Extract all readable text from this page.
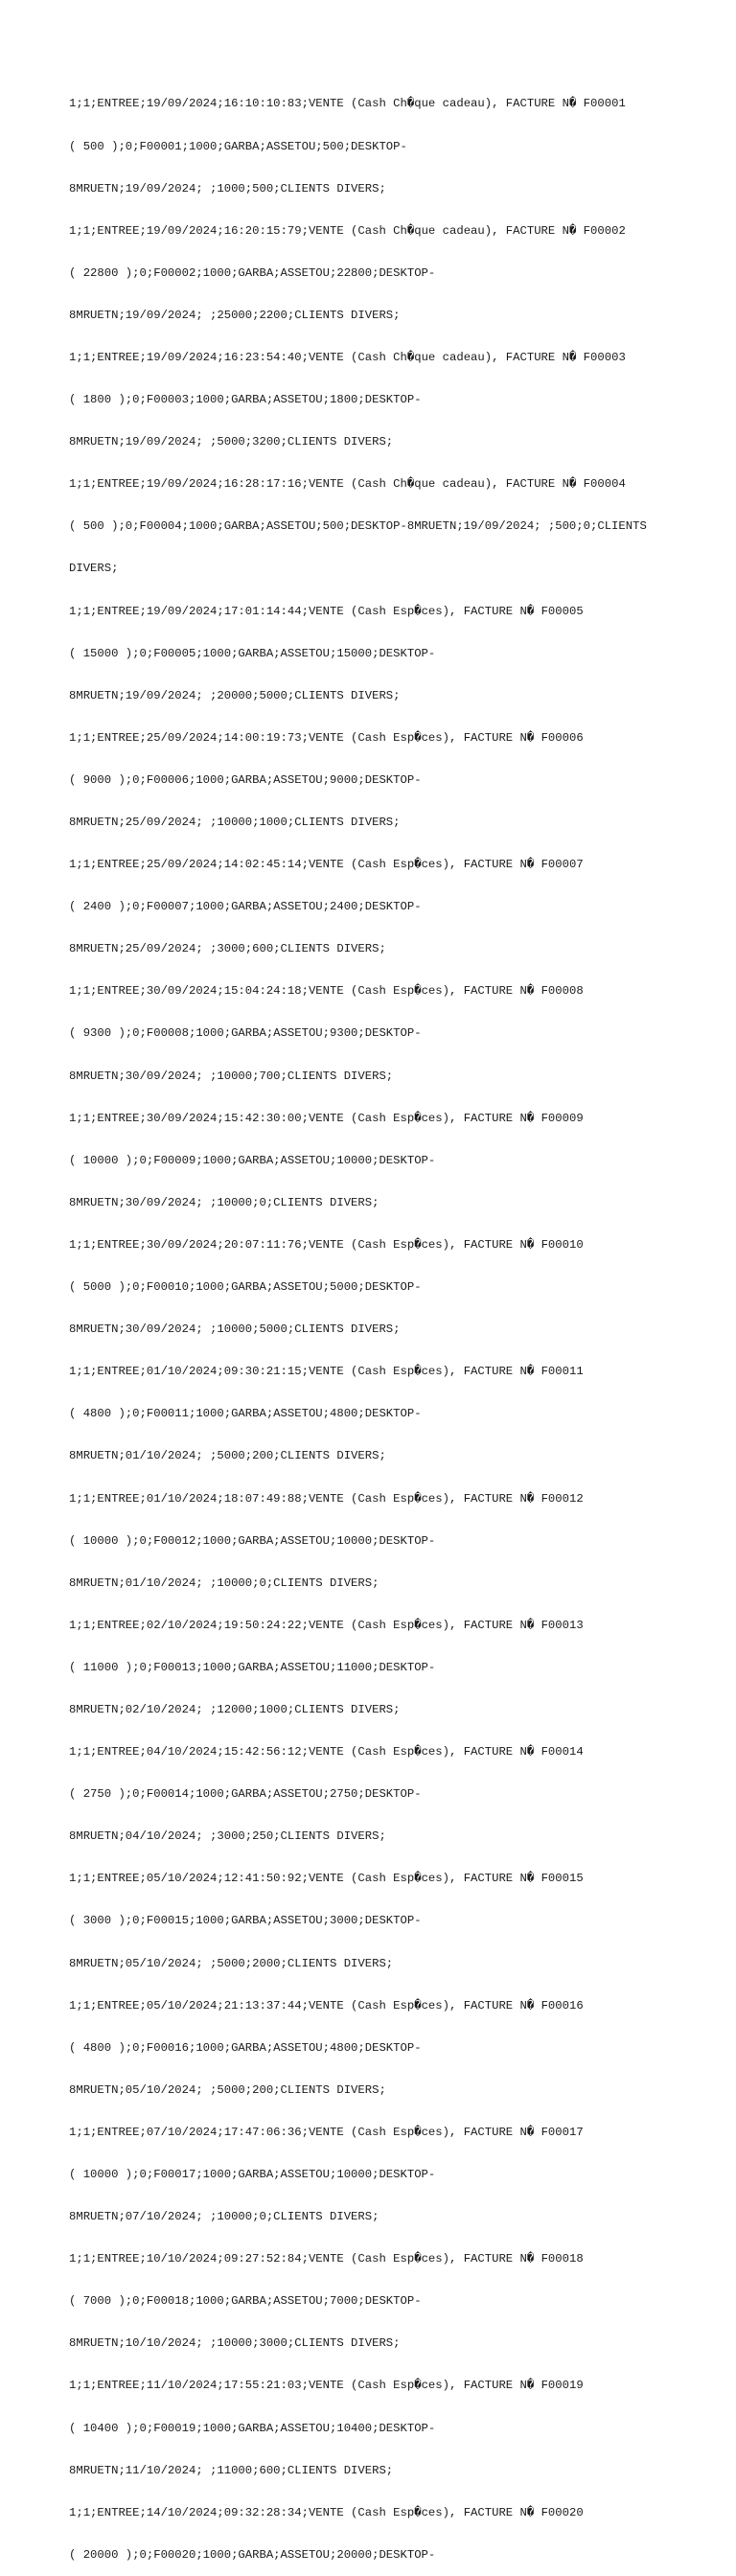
1;1;ENTREE;19/09/2024;16:10:10:83;VENTE (Cash Ch�que cadeau), FACTURE N� F00001

( 500 );0;F00001;1000;GARBA;ASSETOU;500;DESKTOP-

8MRUETN;19/09/2024; ;1000;500;CLIENTS DIVERS;

1;1;ENTREE;19/09/2024;16:20:15:79;VENTE (Cash Ch�que cadeau), FACTURE N� F00002

( 22800 );0;F00002;1000;GARBA;ASSETOU;22800;DESKTOP-

8MRUETN;19/09/2024; ;25000;2200;CLIENTS DIVERS;

1;1;ENTREE;19/09/2024;16:23:54:40;VENTE (Cash Ch�que cadeau), FACTURE N� F00003

( 1800 );0;F00003;1000;GARBA;ASSETOU;1800;DESKTOP-

8MRUETN;19/09/2024; ;5000;3200;CLIENTS DIVERS;

1;1;ENTREE;19/09/2024;16:28:17:16;VENTE (Cash Ch�que cadeau), FACTURE N� F00004

( 500 );0;F00004;1000;GARBA;ASSETOU;500;DESKTOP-8MRUETN;19/09/2024; ;500;0;CLIENTS

DIVERS;

1;1;ENTREE;19/09/2024;17:01:14:44;VENTE (Cash Esp�ces), FACTURE N� F00005

( 15000 );0;F00005;1000;GARBA;ASSETOU;15000;DESKTOP-

8MRUETN;19/09/2024; ;20000;5000;CLIENTS DIVERS;

1;1;ENTREE;25/09/2024;14:00:19:73;VENTE (Cash Esp�ces), FACTURE N� F00006

( 9000 );0;F00006;1000;GARBA;ASSETOU;9000;DESKTOP-

8MRUETN;25/09/2024; ;10000;1000;CLIENTS DIVERS;

1;1;ENTREE;25/09/2024;14:02:45:14;VENTE (Cash Esp�ces), FACTURE N� F00007

( 2400 );0;F00007;1000;GARBA;ASSETOU;2400;DESKTOP-

8MRUETN;25/09/2024; ;3000;600;CLIENTS DIVERS;

1;1;ENTREE;30/09/2024;15:04:24:18;VENTE (Cash Esp�ces), FACTURE N� F00008

( 9300 );0;F00008;1000;GARBA;ASSETOU;9300;DESKTOP-

8MRUETN;30/09/2024; ;10000;700;CLIENTS DIVERS;

1;1;ENTREE;30/09/2024;15:42:30:00;VENTE (Cash Esp�ces), FACTURE N� F00009

( 10000 );0;F00009;1000;GARBA;ASSETOU;10000;DESKTOP-

8MRUETN;30/09/2024; ;10000;0;CLIENTS DIVERS;

1;1;ENTREE;30/09/2024;20:07:11:76;VENTE (Cash Esp�ces), FACTURE N� F00010

( 5000 );0;F00010;1000;GARBA;ASSETOU;5000;DESKTOP-

8MRUETN;30/09/2024; ;10000;5000;CLIENTS DIVERS;

1;1;ENTREE;01/10/2024;09:30:21:15;VENTE (Cash Esp�ces), FACTURE N� F00011

( 4800 );0;F00011;1000;GARBA;ASSETOU;4800;DESKTOP-

8MRUETN;01/10/2024; ;5000;200;CLIENTS DIVERS;

1;1;ENTREE;01/10/2024;18:07:49:88;VENTE (Cash Esp�ces), FACTURE N� F00012

( 10000 );0;F00012;1000;GARBA;ASSETOU;10000;DESKTOP-

8MRUETN;01/10/2024; ;10000;0;CLIENTS DIVERS;

1;1;ENTREE;02/10/2024;19:50:24:22;VENTE (Cash Esp�ces), FACTURE N� F00013

( 11000 );0;F00013;1000;GARBA;ASSETOU;11000;DESKTOP-

8MRUETN;02/10/2024; ;12000;1000;CLIENTS DIVERS;

1;1;ENTREE;04/10/2024;15:42:56:12;VENTE (Cash Esp�ces), FACTURE N� F00014

( 2750 );0;F00014;1000;GARBA;ASSETOU;2750;DESKTOP-

8MRUETN;04/10/2024; ;3000;250;CLIENTS DIVERS;

1;1;ENTREE;05/10/2024;12:41:50:92;VENTE (Cash Esp�ces), FACTURE N� F00015

( 3000 );0;F00015;1000;GARBA;ASSETOU;3000;DESKTOP-

8MRUETN;05/10/2024; ;5000;2000;CLIENTS DIVERS;

1;1;ENTREE;05/10/2024;21:13:37:44;VENTE (Cash Esp�ces), FACTURE N� F00016

( 4800 );0;F00016;1000;GARBA;ASSETOU;4800;DESKTOP-

8MRUETN;05/10/2024; ;5000;200;CLIENTS DIVERS;

1;1;ENTREE;07/10/2024;17:47:06:36;VENTE (Cash Esp�ces), FACTURE N� F00017

( 10000 );0;F00017;1000;GARBA;ASSETOU;10000;DESKTOP-

8MRUETN;07/10/2024; ;10000;0;CLIENTS DIVERS;

1;1;ENTREE;10/10/2024;09:27:52:84;VENTE (Cash Esp�ces), FACTURE N� F00018

( 7000 );0;F00018;1000;GARBA;ASSETOU;7000;DESKTOP-

8MRUETN;10/10/2024; ;10000;3000;CLIENTS DIVERS;

1;1;ENTREE;11/10/2024;17:55:21:03;VENTE (Cash Esp�ces), FACTURE N� F00019

( 10400 );0;F00019;1000;GARBA;ASSETOU;10400;DESKTOP-

8MRUETN;11/10/2024; ;11000;600;CLIENTS DIVERS;

1;1;ENTREE;14/10/2024;09:32:28:34;VENTE (Cash Esp�ces), FACTURE N� F00020

( 20000 );0;F00020;1000;GARBA;ASSETOU;20000;DESKTOP-
